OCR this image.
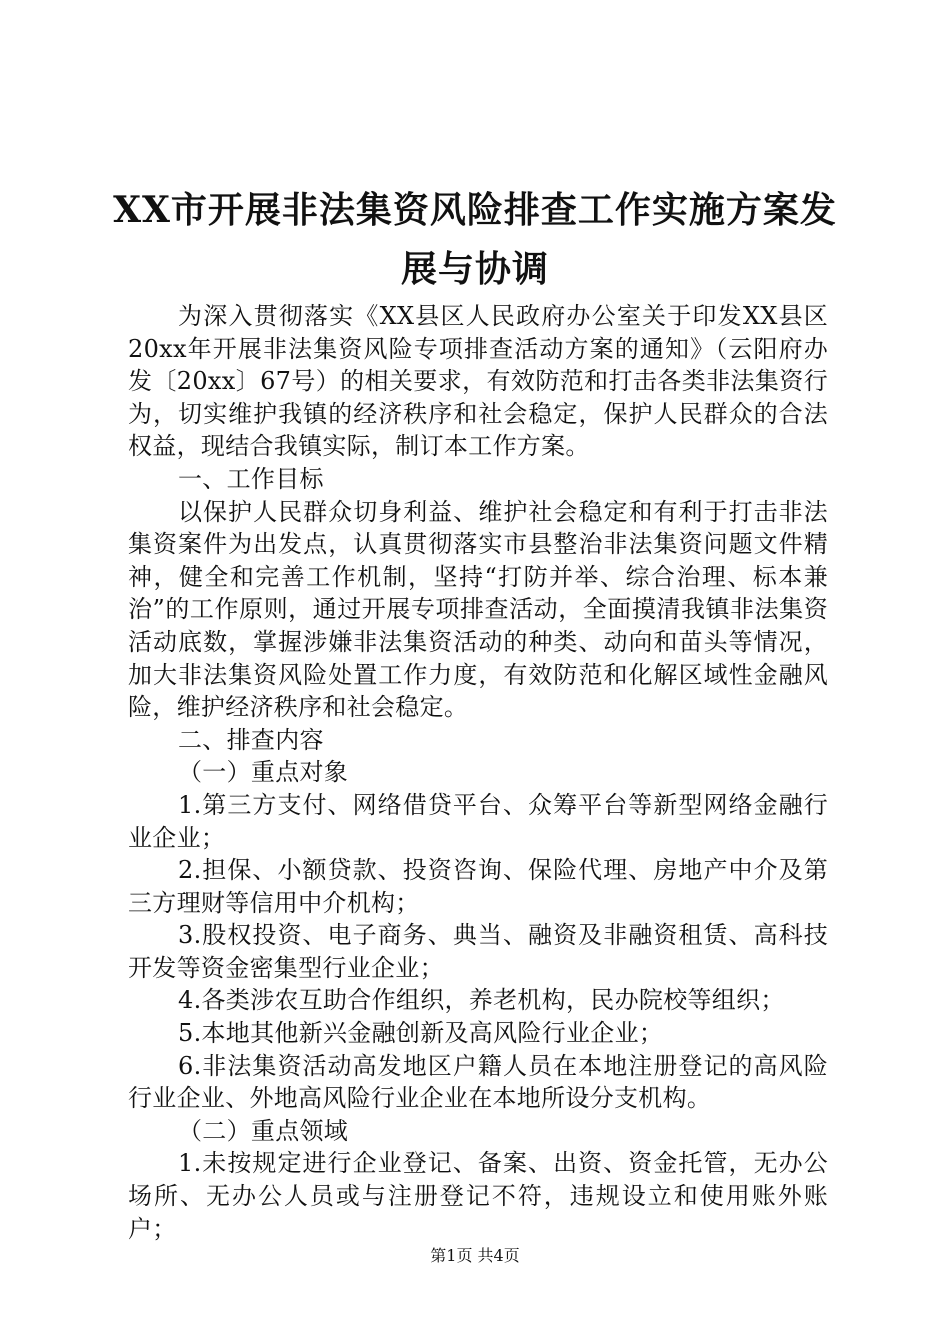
XX市开展非法集资风险排查工作实施方案发
展与协调

为深入贯彻落实《XX县区人民政府办公室关于印发XX县区20xx年开展非法集资风险专项排查活动方案的通知》（云阳府办发〔20xx〕67号）的相关要求，有效防范和打击各类非法集资行为，切实维护我镇的经济秩序和社会稳定，保护人民群众的合法权益，现结合我镇实际，制订本工作方案。

一、工作目标

以保护人民群众切身利益、维护社会稳定和有利于打击非法集资案件为出发点，认真贯彻落实市县整治非法集资问题文件精神，健全和完善工作机制，坚持“打防并举、综合治理、标本兼治”的工作原则，通过开展专项排查活动，全面摸清我镇非法集资活动底数，掌握涉嫌非法集资活动的种类、动向和苗头等情况，加大非法集资风险处置工作力度，有效防范和化解区域性金融风险，维护经济秩序和社会稳定。

二、排查内容

（一）重点对象

1.第三方支付、网络借贷平台、众筹平台等新型网络金融行业企业；

2.担保、小额贷款、投资咨询、保险代理、房地产中介及第三方理财等信用中介机构；

3.股权投资、电子商务、典当、融资及非融资租赁、高科技开发等资金密集型行业企业；

4.各类涉农互助合作组织，养老机构，民办院校等组织；

5.本地其他新兴金融创新及高风险行业企业；

6.非法集资活动高发地区户籍人员在本地注册登记的高风险行业企业、外地高风险行业企业在本地所设分支机构。

（二）重点领域

1.未按规定进行企业登记、备案、出资、资金托管，无办公场所、无办公人员或与注册登记不符，违规设立和使用账外账户；

第1页 共4页
